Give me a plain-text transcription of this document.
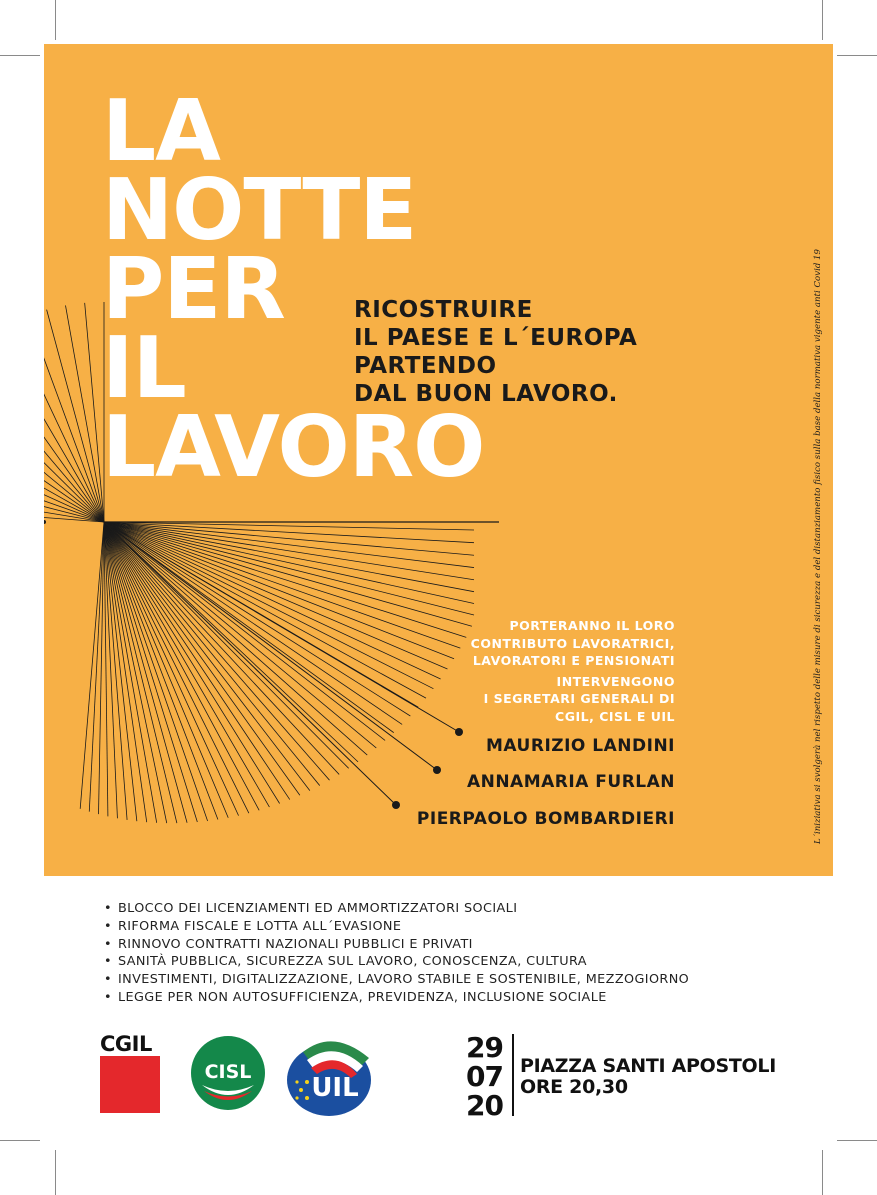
LA
NOTTE
PER
IL
LAVORO
RICOSTRUIRE
IL PAESE E L´EUROPA
PARTENDO
DAL BUON LAVORO.
PORTERANNO IL LORO
CONTRIBUTO LAVORATRICI,
LAVORATORI E PENSIONATI
INTERVENGONO
I SEGRETARI GENERALI DI
CGIL, CISL E UIL
MAURIZIO LANDINI
ANNAMARIA FURLAN
PIERPAOLO BOMBARDIERI	L´iniziativa si svolgerà nel rispetto delle misure di sicurezza e del distanziamento fisico sulla base della normativa vigente anti Covid 19
• BLOCCO DEI LICENZIAMENTI ED AMMORTIZZATORI SOCIALI
• RIFORMA FISCALE E LOTTA ALL´EVASIONE
• RINNOVO CONTRATTI NAZIONALI PUBBLICI E PRIVATI
• SANITÀ PUBBLICA, SICUREZZA SUL LAVORO, CONOSCENZA, CULTURA
• INVESTIMENTI, DIGITALIZZAZIONE, LAVORO STABILE E SOSTENIBILE, MEZZOGIORNO
• LEGGE PER NON AUTOSUFFICIENZA, PREVIDENZA, INCLUSIONE SOCIALE
CGIL
CISL
UIL
29
07
20
PIAZZA SANTI APOSTOLI
ORE 20,30
